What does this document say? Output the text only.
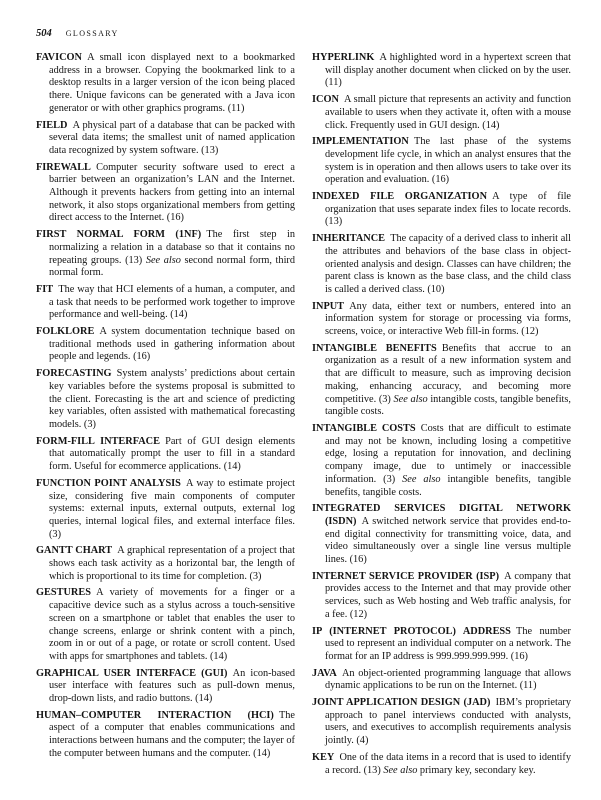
504 GLOSSARY

FAVICON A small icon displayed next to a bookmarked address in a browser. Copying the bookmarked link to a desktop results in a larger version of the icon being placed there. Unique favicons can be generated with a Java icon generator or with other graphics programs. (11)

FIELD A physical part of a database that can be packed with several data items; the smallest unit of named application data recognized by system software. (13)

FIREWALL Computer security software used to erect a barrier between an organization’s LAN and the Internet. Although it prevents hackers from getting into an internal network, it also stops organizational members from getting direct access to the Internet. (16)

FIRST NORMAL FORM (1NF) The first step in normalizing a relation in a database so that it contains no repeating groups. (13) See also second normal form, third normal form.

FIT The way that HCI elements of a human, a computer, and a task that needs to be performed work together to improve performance and well-being. (14)

FOLKLORE A system documentation technique based on traditional methods used in gathering information about people and legends. (16)

FORECASTING System analysts’ predictions about certain key variables before the systems proposal is submitted to the client. Forecasting is the art and science of predicting key variables, often assisted with mathematical forecasting models. (3)

FORM-FILL INTERFACE Part of GUI design elements that automatically prompt the user to fill in a standard form. Useful for ecommerce applications. (14)

FUNCTION POINT ANALYSIS A way to estimate project size, considering five main components of computer systems: external inputs, external outputs, external log queries, internal logical files, and external interface files. (3)

GANTT CHART A graphical representation of a project that shows each task activity as a horizontal bar, the length of which is proportional to its time for completion. (3)

GESTURES A variety of movements for a finger or a capacitive device such as a stylus across a touch-sensitive screen on a smartphone or tablet that enables the user to change screens, enlarge or shrink content with a pinch, zoom in or out of a page, or rotate or scroll content. Used with apps for smartphones and tablets. (14)

GRAPHICAL USER INTERFACE (GUI) An icon-based user interface with features such as pull-down menus, drop-down lists, and radio buttons. (14)

HUMAN–COMPUTER INTERACTION (HCI) The aspect of a computer that enables communications and interactions between humans and the computer; the layer of the computer between humans and the computer. (14)

HYPERLINK A highlighted word in a hypertext screen that will display another document when clicked on by the user. (11)

ICON A small picture that represents an activity and function available to users when they activate it, often with a mouse click. Frequently used in GUI design. (14)

IMPLEMENTATION The last phase of the systems development life cycle, in which an analyst ensures that the system is in operation and then allows users to take over its operation and evaluation. (16)

INDEXED FILE ORGANIZATION A type of file organization that uses separate index files to locate records. (13)

INHERITANCE The capacity of a derived class to inherit all the attributes and behaviors of the base class in object-oriented analysis and design. Classes can have children; the parent class is known as the base class, and the child class is called a derived class. (10)

INPUT Any data, either text or numbers, entered into an information system for storage or processing via forms, screens, voice, or interactive Web fill-in forms. (12)

INTANGIBLE BENEFITS Benefits that accrue to an organization as a result of a new information system and that are difficult to measure, such as improving decision making, enhancing accuracy, and becoming more competitive. (3) See also intangible costs, tangible benefits, tangible costs.

INTANGIBLE COSTS Costs that are difficult to estimate and may not be known, including losing a competitive edge, losing a reputation for innovation, and declining company image, due to untimely or inaccessible information. (3) See also intangible benefits, tangible benefits, tangible costs.

INTEGRATED SERVICES DIGITAL NETWORK (ISDN) A switched network service that provides end-to-end digital connectivity for transmitting voice, data, and video simultaneously over a single line versus multiple lines. (16)

INTERNET SERVICE PROVIDER (ISP) A company that provides access to the Internet and that may provide other services, such as Web hosting and Web traffic analysis, for a fee. (12)

IP (INTERNET PROTOCOL) ADDRESS The number used to represent an individual computer on a network. The format for an IP address is 999.999.999.999. (16)

JAVA An object-oriented programming language that allows dynamic applications to be run on the Internet. (11)

JOINT APPLICATION DESIGN (JAD) IBM’s proprietary approach to panel interviews conducted with analysts, users, and executives to accomplish requirements analysis jointly. (4)

KEY One of the data items in a record that is used to identify a record. (13) See also primary key, secondary key.
